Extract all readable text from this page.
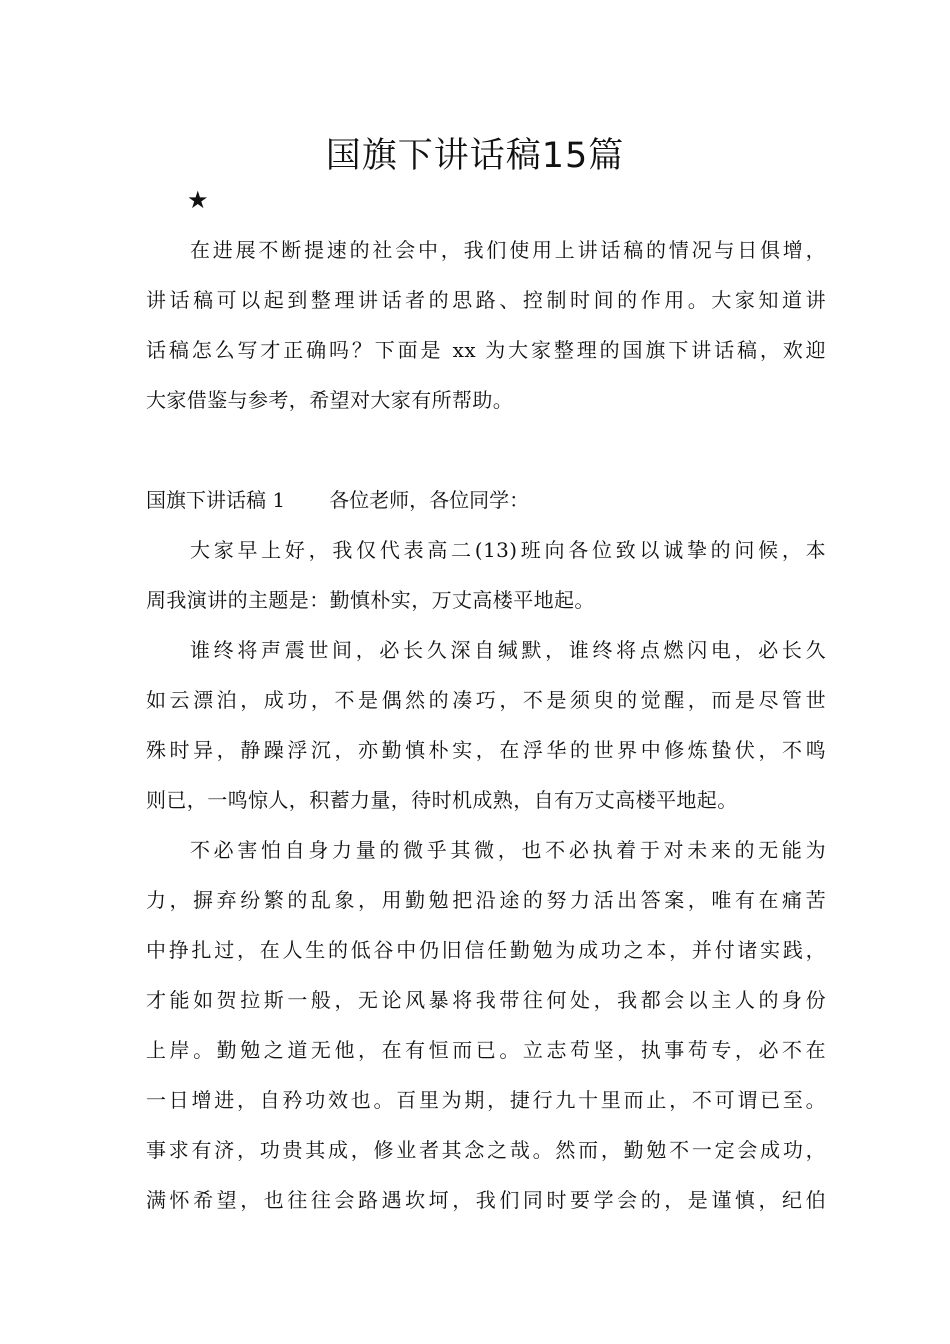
国旗下讲话稿15篇
★
在进展不断提速的社会中，我们使用上讲话稿的情况与日俱增，
讲话稿可以起到整理讲话者的思路、控制时间的作用。大家知道讲
话稿怎么写才正确吗？下面是 xx 为大家整理的国旗下讲话稿，欢迎
大家借鉴与参考，希望对大家有所帮助。
国旗下讲话稿 1 各位老师，各位同学：
大家早上好，我仅代表高二(13)班向各位致以诚挚的问候，本
周我演讲的主题是：勤慎朴实，万丈高楼平地起。
谁终将声震世间，必长久深自缄默，谁终将点燃闪电，必长久
如云漂泊，成功，不是偶然的凑巧，不是须臾的觉醒，而是尽管世
殊时异，静躁浮沉，亦勤慎朴实，在浮华的世界中修炼蛰伏，不鸣
则已，一鸣惊人，积蓄力量，待时机成熟，自有万丈高楼平地起。
不必害怕自身力量的微乎其微，也不必执着于对未来的无能为
力，摒弃纷繁的乱象，用勤勉把沿途的努力活出答案，唯有在痛苦
中挣扎过，在人生的低谷中仍旧信任勤勉为成功之本，并付诸实践，
才能如贺拉斯一般，无论风暴将我带往何处，我都会以主人的身份
上岸。勤勉之道无他，在有恒而已。立志苟坚，执事苟专，必不在
一日增进，自矜功效也。百里为期，捷行九十里而止，不可谓已至。
事求有济，功贵其成，修业者其念之哉。然而，勤勉不一定会成功，
满怀希望，也往往会路遇坎坷，我们同时要学会的，是谨慎，纪伯
